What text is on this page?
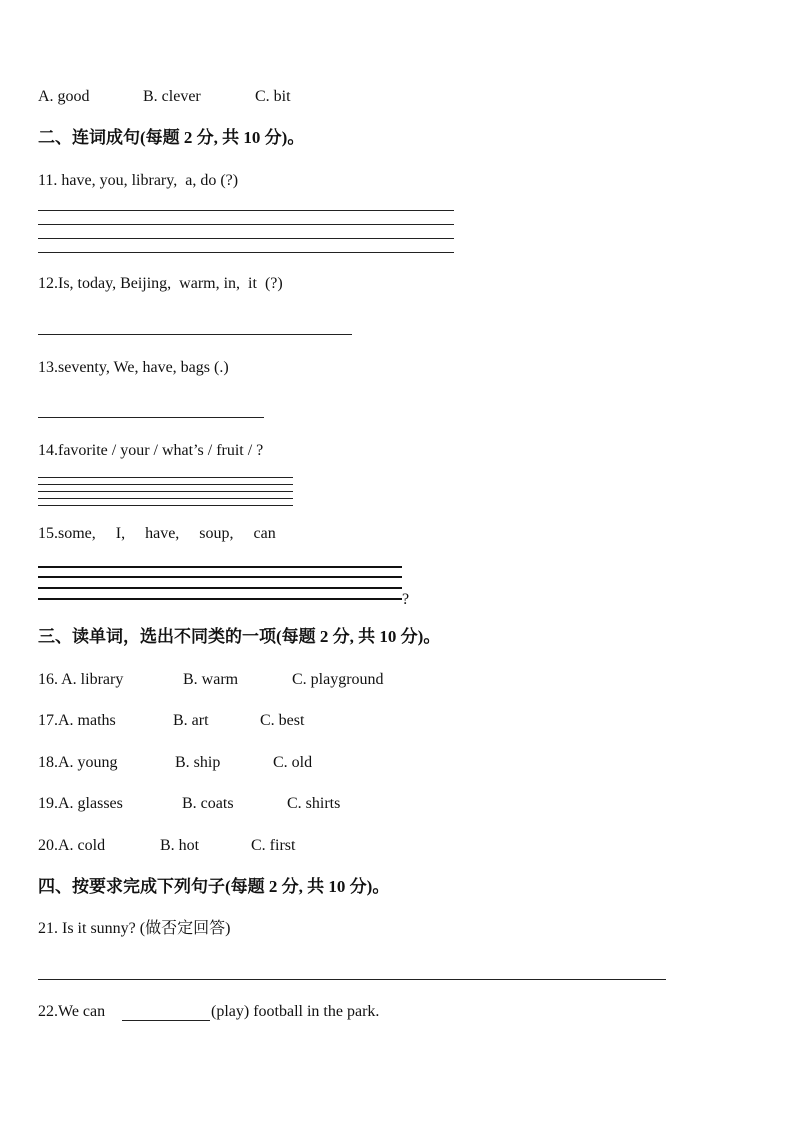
A. good	B. clever	C. bit
二、连词成句(每题 2 分, 共 10 分)。
11. have, you, library,  a, do (?)
12.Is, today, Beijing,  warm, in,  it  (?)
13.seventy, We, have, bags (.)
14.favorite / your / what’s / fruit / ?
15.some,     I,     have,     soup,     can
?
三、读单词，选出不同类的一项(每题 2 分, 共 10 分)。
16. A. library	B. warm	C. playground
17.A. maths	B. art	C. best
18.A. young	B. ship	C. old
19.A. glasses	B. coats	C. shirts
20.A. cold	B. hot	C. first
四、按要求完成下列句子(每题 2 分, 共 10 分)。
21. Is it sunny? (做否定回答)
22.We can	(play) football in the park.
